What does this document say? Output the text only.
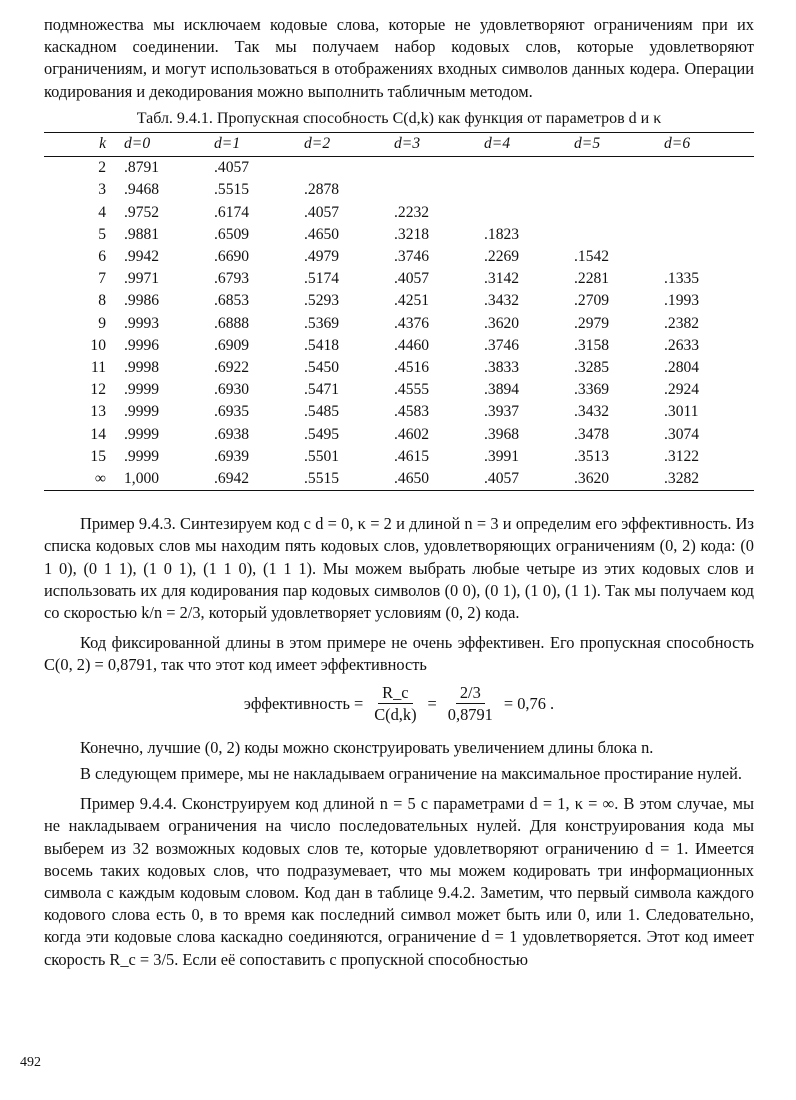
подмножества мы исключаем кодовые слова, которые не удовлетворяют ограничениям при их каскадном соединении. Так мы получаем набор кодовых слов, которые удовлетворяют ограничениям, и могут использоваться в отображениях входных символов данных кодера. Операции кодирования и декодирования можно выполнить табличным методом.

Табл. 9.4.1. Пропускная способность C(d,k) как функция от параметров d и κ
k	d=0	d=1	d=2	d=3	d=4	d=5	d=6
2	.8791	.4057					
3	.9468	.5515	.2878				
4	.9752	.6174	.4057	.2232			
5	.9881	.6509	.4650	.3218	.1823		
6	.9942	.6690	.4979	.3746	.2269	.1542	
7	.9971	.6793	.5174	.4057	.3142	.2281	.1335
8	.9986	.6853	.5293	.4251	.3432	.2709	.1993
9	.9993	.6888	.5369	.4376	.3620	.2979	.2382
10	.9996	.6909	.5418	.4460	.3746	.3158	.2633
11	.9998	.6922	.5450	.4516	.3833	.3285	.2804
12	.9999	.6930	.5471	.4555	.3894	.3369	.2924
13	.9999	.6935	.5485	.4583	.3937	.3432	.3011
14	.9999	.6938	.5495	.4602	.3968	.3478	.3074
15	.9999	.6939	.5501	.4615	.3991	.3513	.3122
∞	1,000	.6942	.5515	.4650	.4057	.3620	.3282

Пример 9.4.3. Синтезируем код с d = 0, κ = 2 и длиной n = 3 и определим его эффективность. Из списка кодовых слов мы находим пять кодовых слов, удовлетворяющих ограничениям (0, 2) кода: (0 1 0), (0 1 1), (1 0 1), (1 1 0), (1 1 1). Мы можем выбрать любые четыре из этих кодовых слов и использовать их для кодирования пар кодовых символов (0 0), (0 1), (1 0), (1 1). Так мы получаем код со скоростью k/n = 2/3, который удовлетворяет условиям (0, 2) кода.

Код фиксированной длины в этом примере не очень эффективен. Его пропускная способность C(0, 2) = 0,8791, так что этот код имеет эффективность

эффективность = $\frac{R\_c}{C(d,k)} = \frac{2/3}{0,8791} = 0,76$ .

Конечно, лучшие (0, 2) коды можно сконструировать увеличением длины блока n.

В следующем примере, мы не накладываем ограничение на максимальное простирание нулей.

Пример 9.4.4. Сконструируем код длиной n = 5 с параметрами d = 1, κ = ∞. В этом случае, мы не накладываем ограничения на число последовательных нулей. Для конструирования кода мы выберем из 32 возможных кодовых слов те, которые удовлетворяют ограничению d = 1. Имеется восемь таких кодовых слов, что подразумевает, что мы можем кодировать три информационных символа с каждым кодовым словом. Код дан в таблице 9.4.2. Заметим, что первый символа каждого кодового слова есть 0, в то время как последний символ может быть или 0, или 1. Следовательно, когда эти кодовые слова каскадно соединяются, ограничение d = 1 удовлетворяется. Этот код имеет скорость R_c = 3/5. Если её сопоставить с пропускной способностью

492
